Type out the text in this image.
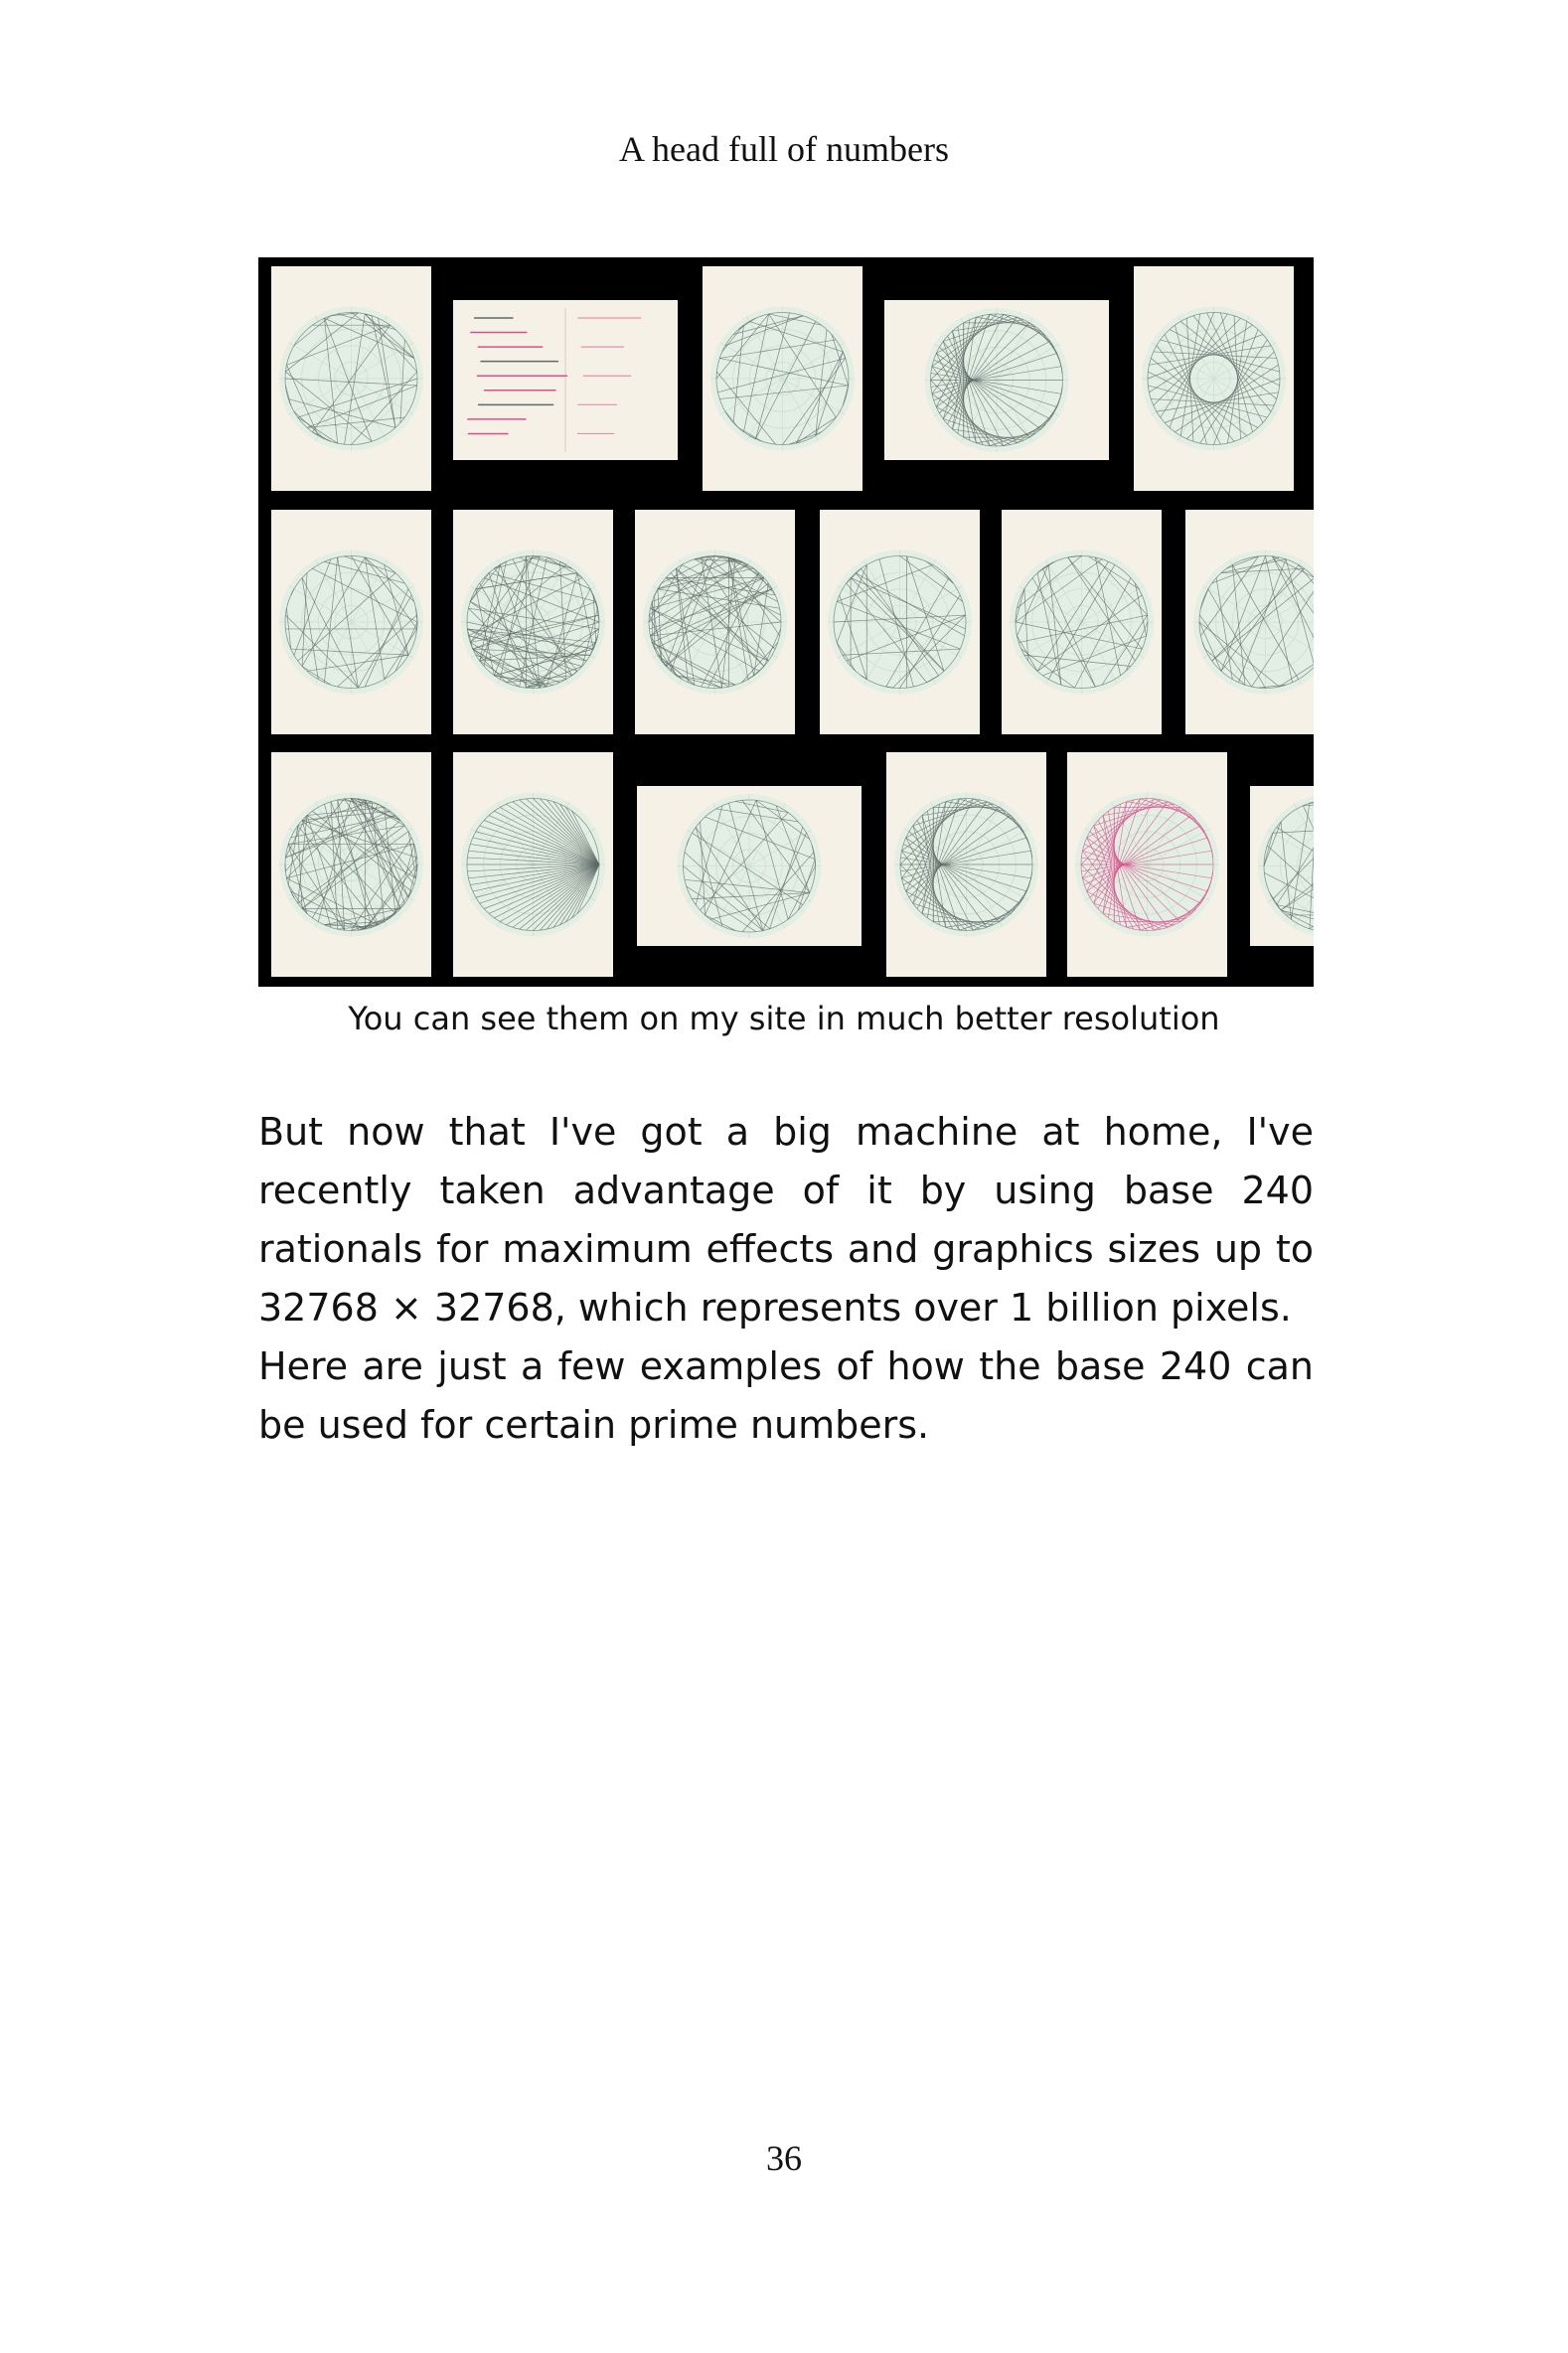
A head full of numbers
You can see them on my site in much better resolution

But now that I've got a big machine at home, I've recently taken advantage of it by using base 240 rationals for maximum effects and graphics sizes up to 32768 × 32768, which represents over 1 billion pixels.

Here are just a few examples of how the base 240 can be used for certain prime numbers.

36
